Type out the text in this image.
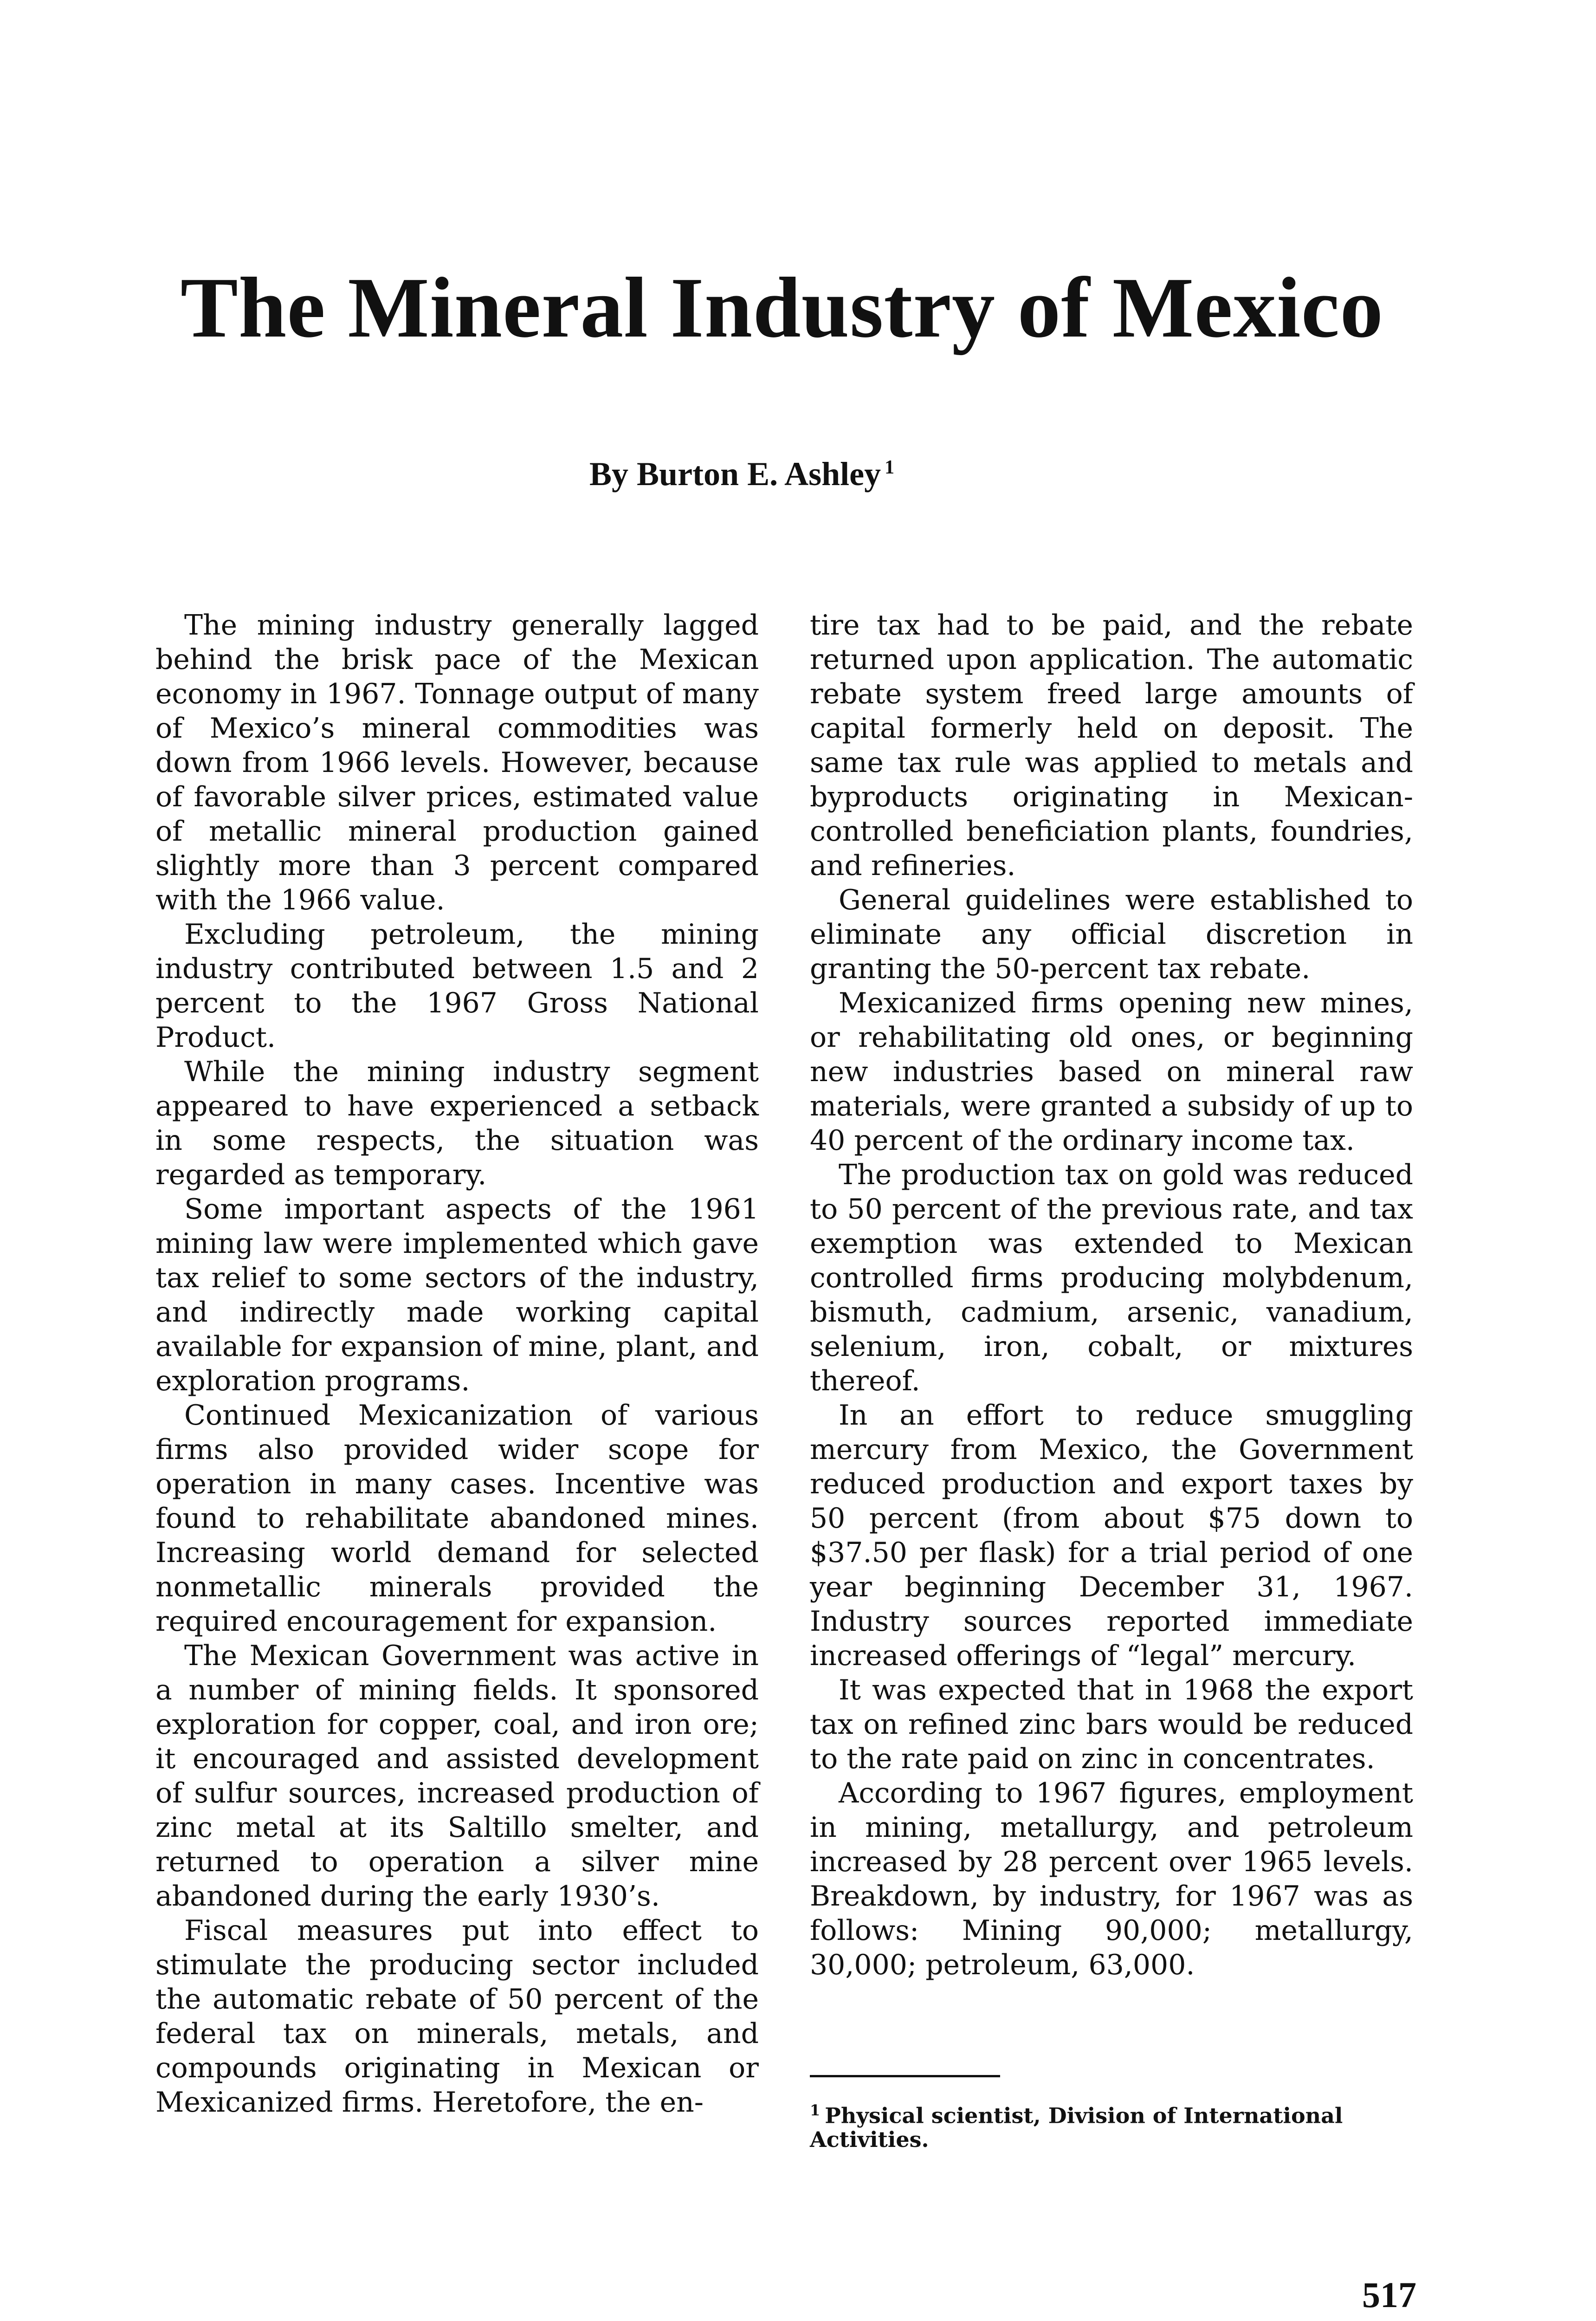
The Mineral Industry of Mexico
By Burton E. Ashley $^1$

The mining industry generally lagged behind the brisk pace of the Mexican economy in 1967. Tonnage output of many of Mexico’s mineral commodities was down from 1966 levels. However, because of favorable silver prices, estimated value of metallic mineral production gained slightly more than 3 percent compared with the 1966 value.

Excluding petroleum, the mining industry contributed between 1.5 and 2 percent to the 1967 Gross National Product.

While the mining industry segment appeared to have experienced a setback in some respects, the situation was regarded as temporary.

Some important aspects of the 1961 mining law were implemented which gave tax relief to some sectors of the industry, and indirectly made working capital available for expansion of mine, plant, and exploration programs.

Continued Mexicanization of various firms also provided wider scope for operation in many cases. Incentive was found to rehabilitate abandoned mines. Increasing world demand for selected nonmetallic minerals provided the required encouragement for expansion.

The Mexican Government was active in a number of mining fields. It sponsored exploration for copper, coal, and iron ore; it encouraged and assisted development of sulfur sources, increased production of zinc metal at its Saltillo smelter, and returned to operation a silver mine abandoned during the early 1930’s.

Fiscal measures put into effect to stimulate the producing sector included the automatic rebate of 50 percent of the federal tax on minerals, metals, and compounds originating in Mexican or Mexicanized firms. Heretofore, the en-

tire tax had to be paid, and the rebate returned upon application. The automatic rebate system freed large amounts of capital formerly held on deposit. The same tax rule was applied to metals and byproducts originating in Mexican-controlled beneficiation plants, foundries, and refineries.

General guidelines were established to eliminate any official discretion in granting the 50-percent tax rebate.

Mexicanized firms opening new mines, or rehabilitating old ones, or beginning new industries based on mineral raw materials, were granted a subsidy of up to 40 percent of the ordinary income tax.

The production tax on gold was reduced to 50 percent of the previous rate, and tax exemption was extended to Mexican controlled firms producing molybdenum, bismuth, cadmium, arsenic, vanadium, selenium, iron, cobalt, or mixtures thereof.

In an effort to reduce smuggling mercury from Mexico, the Government reduced production and export taxes by 50 percent (from about $75 down to $37.50 per flask) for a trial period of one year beginning December 31, 1967. Industry sources reported immediate increased offerings of “legal” mercury.

It was expected that in 1968 the export tax on refined zinc bars would be reduced to the rate paid on zinc in concentrates.

According to 1967 figures, employment in mining, metallurgy, and petroleum increased by 28 percent over 1965 levels. Breakdown, by industry, for 1967 was as follows: Mining 90,000; metallurgy, 30,000; petroleum, 63,000.

$^1$ Physical scientist, Division of International Activities.
517
